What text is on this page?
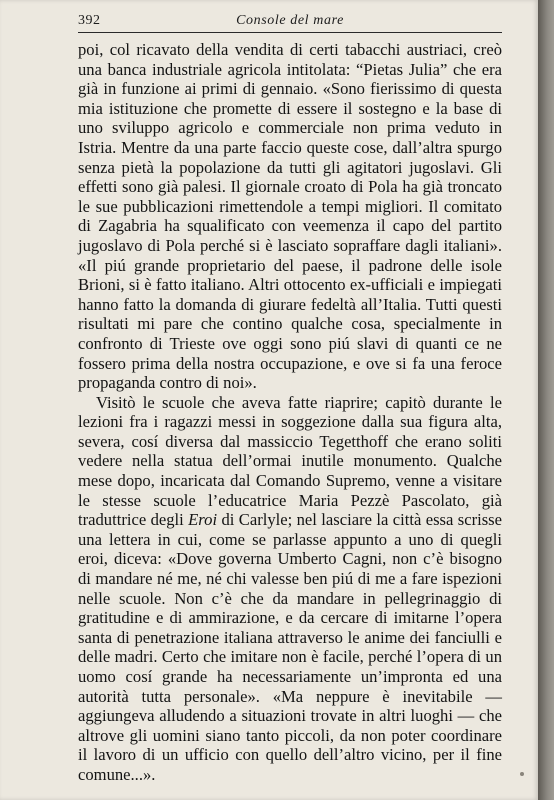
392	Console del mare

poi, col ricavato della vendita di certi tabacchi austriaci, creò una banca industriale agricola intitolata: “Pietas Julia” che era già in funzione ai primi di gennaio. «Sono fierissimo di questa mia istituzione che promette di essere il sostegno e la base di uno sviluppo agricolo e commerciale non prima veduto in Istria. Mentre da una parte faccio queste cose, dall’altra spurgo senza pietà la popolazione da tutti gli agitatori jugoslavi. Gli effetti sono già palesi. Il giornale croato di Pola ha già troncato le sue pubblicazioni rimettendole a tempi migliori. Il comitato di Zagabria ha squalificato con veemenza il capo del partito jugoslavo di Pola perché si è lasciato sopraffare dagli italiani». «Il piú grande proprietario del paese, il padrone delle isole Brioni, si è fatto italiano. Altri ottocento ex-ufficiali e impiegati hanno fatto la domanda di giurare fedeltà all’Italia. Tutti questi risultati mi pare che contino qualche cosa, specialmente in confronto di Trieste ove oggi sono piú slavi di quanti ce ne fossero prima della nostra occupazione, e ove si fa una feroce propaganda contro di noi».

Visitò le scuole che aveva fatte riaprire; capitò durante le lezioni fra i ragazzi messi in soggezione dalla sua figura alta, severa, cosí diversa dal massiccio Tegetthoff che erano soliti vedere nella statua dell’ormai inutile monumento. Qualche mese dopo, incaricata dal Comando Supremo, venne a visitare le stesse scuole l’educatrice Maria Pezzè Pascolato, già traduttrice degli Eroi di Carlyle; nel lasciare la città essa scrisse una lettera in cui, come se parlasse appunto a uno di quegli eroi, diceva: «Dove governa Umberto Cagni, non c’è bisogno di mandare né me, né chi valesse ben piú di me a fare ispezioni nelle scuole. Non c’è che da mandare in pellegrinaggio di gratitudine e di ammirazione, e da cercare di imitarne l’opera santa di penetrazione italiana attraverso le anime dei fanciulli e delle madri. Certo che imitare non è facile, perché l’opera di un uomo cosí grande ha necessariamente un’impronta ed una autorità tutta personale». «Ma neppure è inevitabile — aggiungeva alludendo a situazioni trovate in altri luoghi — che altrove gli uomini siano tanto piccoli, da non poter coordinare il lavoro di un ufficio con quello dell’altro vicino, per il fine comune...».
